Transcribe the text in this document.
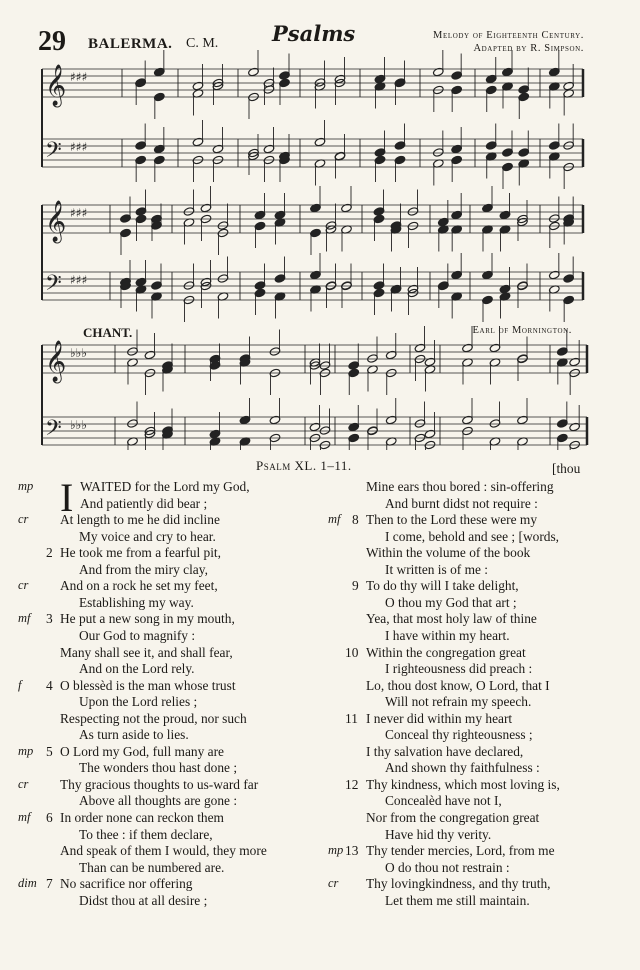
29 BALERMA. C. M.	Psalms	Melody of Eighteenth Century.
Adapted by R. Simpson.
CHANT.	Earl of Mornington.
𝄞
𝄢
♯♯♯
♯♯♯
𝄞
𝄢
♯♯♯
♯♯♯
𝄞
𝄢
♭♭♭
♭♭♭
Psalm XL. 1–11.	[thou
I
mp	WAITED for the Lord my God,
And patiently did bear ;
cr At length to me he did incline
My voice and cry to hear.
2 He took me from a fearful pit,
And from the miry clay,
cr And on a rock he set my feet,
Establishing my way.
mf 3 He put a new song in my mouth,
Our God to magnify :
Many shall see it, and shall fear,
And on the Lord rely.
f 4 O blessèd is the man whose trust
Upon the Lord relies ;
Respecting not the proud, nor such
As turn aside to lies.
mp 5 O Lord my God, full many are
The wonders thou hast done ;
cr Thy gracious thoughts to us-ward far
Above all thoughts are gone :
mf 6 In order none can reckon them
To thee : if them declare,
And speak of them I would, they more
Than can be numbered are.
dim 7 No sacrifice nor offering
Didst thou at all desire ;
Mine ears thou bored : sin-offering
And burnt didst not require :
mf 8 Then to the Lord these were my
I come, behold and see ; [words,
Within the volume of the book
It written is of me :
9 To do thy will I take delight,
O thou my God that art ;
Yea, that most holy law of thine
I have within my heart.
10 Within the congregation great
I righteousness did preach :
Lo, thou dost know, O Lord, that I
Will not refrain my speech.
11 I never did within my heart
Conceal thy righteousness ;
I thy salvation have declared,
And shown thy faithfulness :
12 Thy kindness, which most loving is,
Concealèd have not I,
Nor from the congregation great
Have hid thy verity.
mp 13 Thy tender mercies, Lord, from me
O do thou not restrain :
cr Thy lovingkindness, and thy truth,
Let them me still maintain.
